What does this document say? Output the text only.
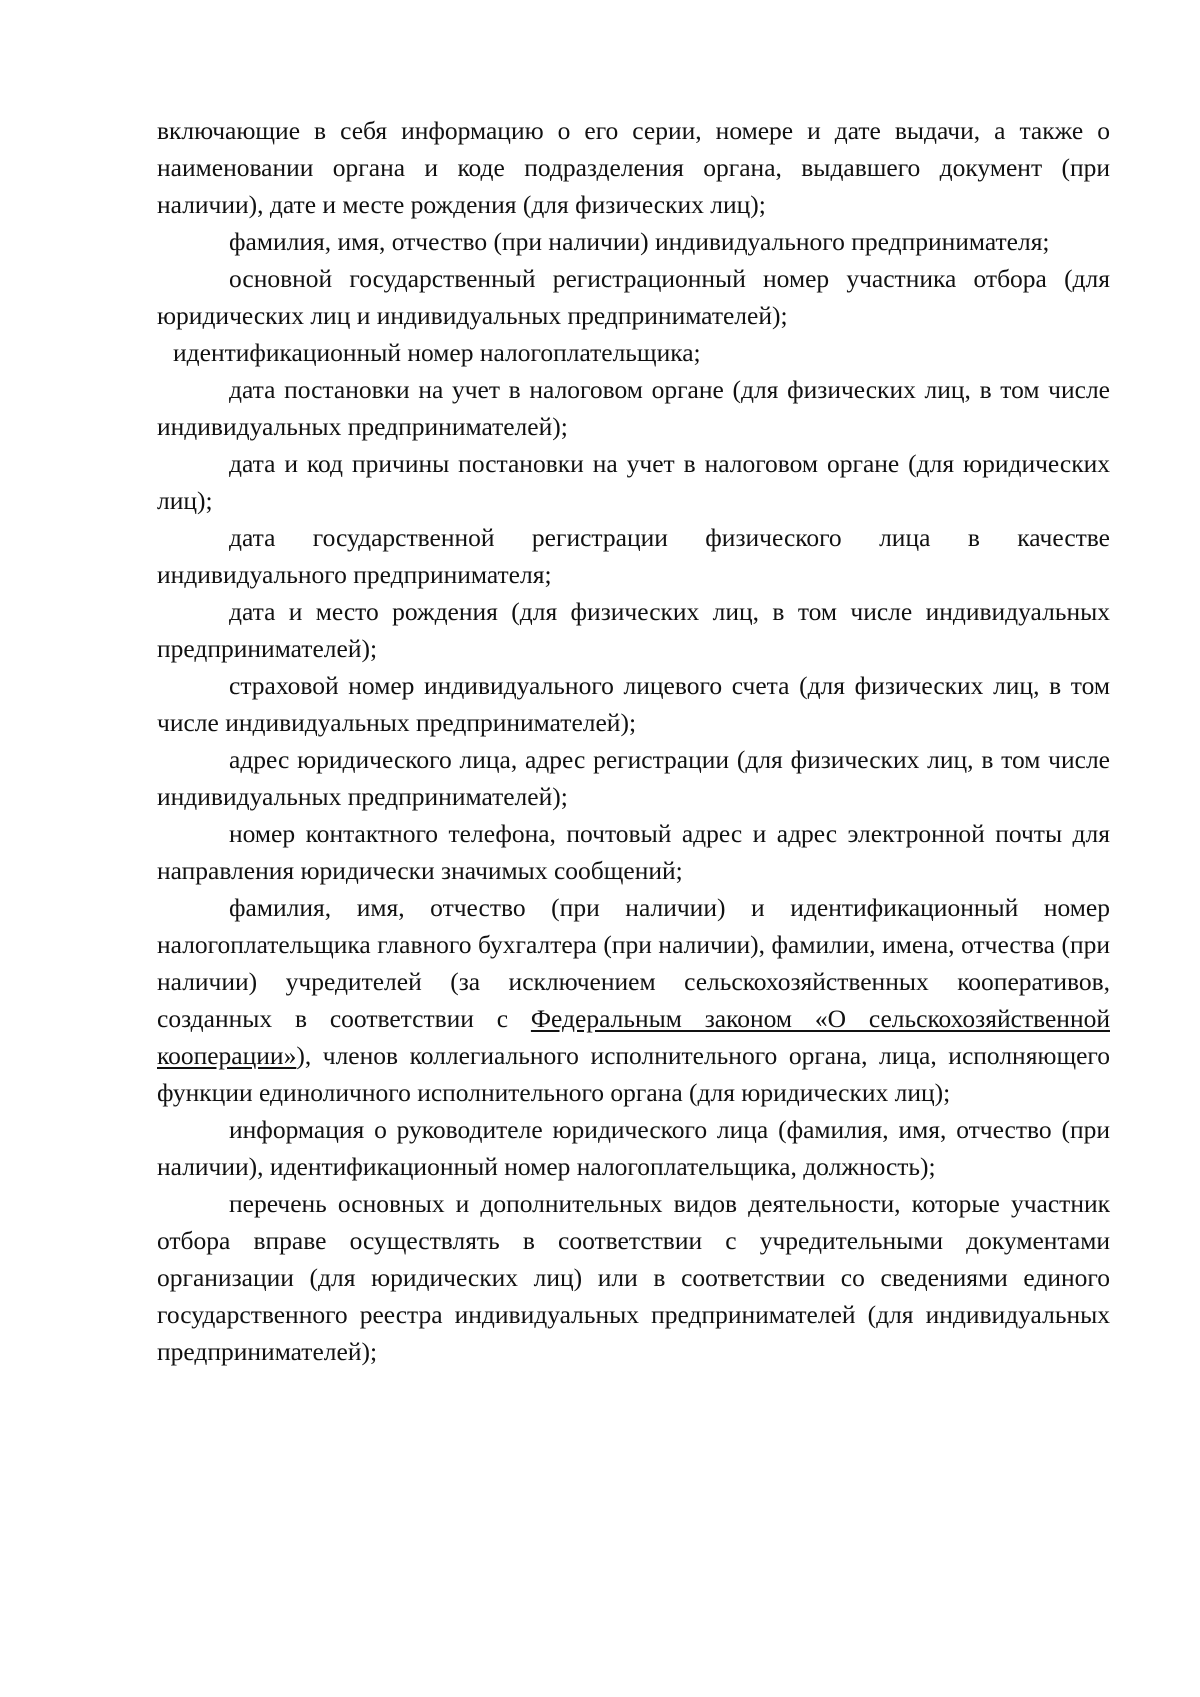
включающие в себя информацию о его серии, номере и дате выдачи, а также о наименовании органа и коде подразделения органа, выдавшего документ (при наличии), дате и месте рождения (для физических лиц);

фамилия, имя, отчество (при наличии) индивидуального предпринимателя;

основной государственный регистрационный номер участника отбора (для юридических лиц и индивидуальных предпринимателей);

идентификационный номер налогоплательщика;

дата постановки на учет в налоговом органе (для физических лиц, в том числе индивидуальных предпринимателей);

дата и код причины постановки на учет в налоговом органе (для юридических лиц);

дата государственной регистрации физического лица в качестве индивидуального предпринимателя;

дата и место рождения (для физических лиц, в том числе индивидуальных предпринимателей);

страховой номер индивидуального лицевого счета (для физических лиц, в том числе индивидуальных предпринимателей);

адрес юридического лица, адрес регистрации (для физических лиц, в том числе индивидуальных предпринимателей);

номер контактного телефона, почтовый адрес и адрес электронной почты для направления юридически значимых сообщений;

фамилия, имя, отчество (при наличии) и идентификационный номер налогоплательщика главного бухгалтера (при наличии), фамилии, имена, отчества (при наличии) учредителей (за исключением сельскохозяйственных кооперативов, созданных в соответствии с Федеральным законом «О сельскохозяйственной кооперации»), членов коллегиального исполнительного органа, лица, исполняющего функции единоличного исполнительного органа (для юридических лиц);

информация о руководителе юридического лица (фамилия, имя, отчество (при наличии), идентификационный номер налогоплательщика, должность);

перечень основных и дополнительных видов деятельности, которые участник отбора вправе осуществлять в соответствии с учредительными документами организации (для юридических лиц) или в соответствии со сведениями единого государственного реестра индивидуальных предпринимателей (для индивидуальных предпринимателей);
